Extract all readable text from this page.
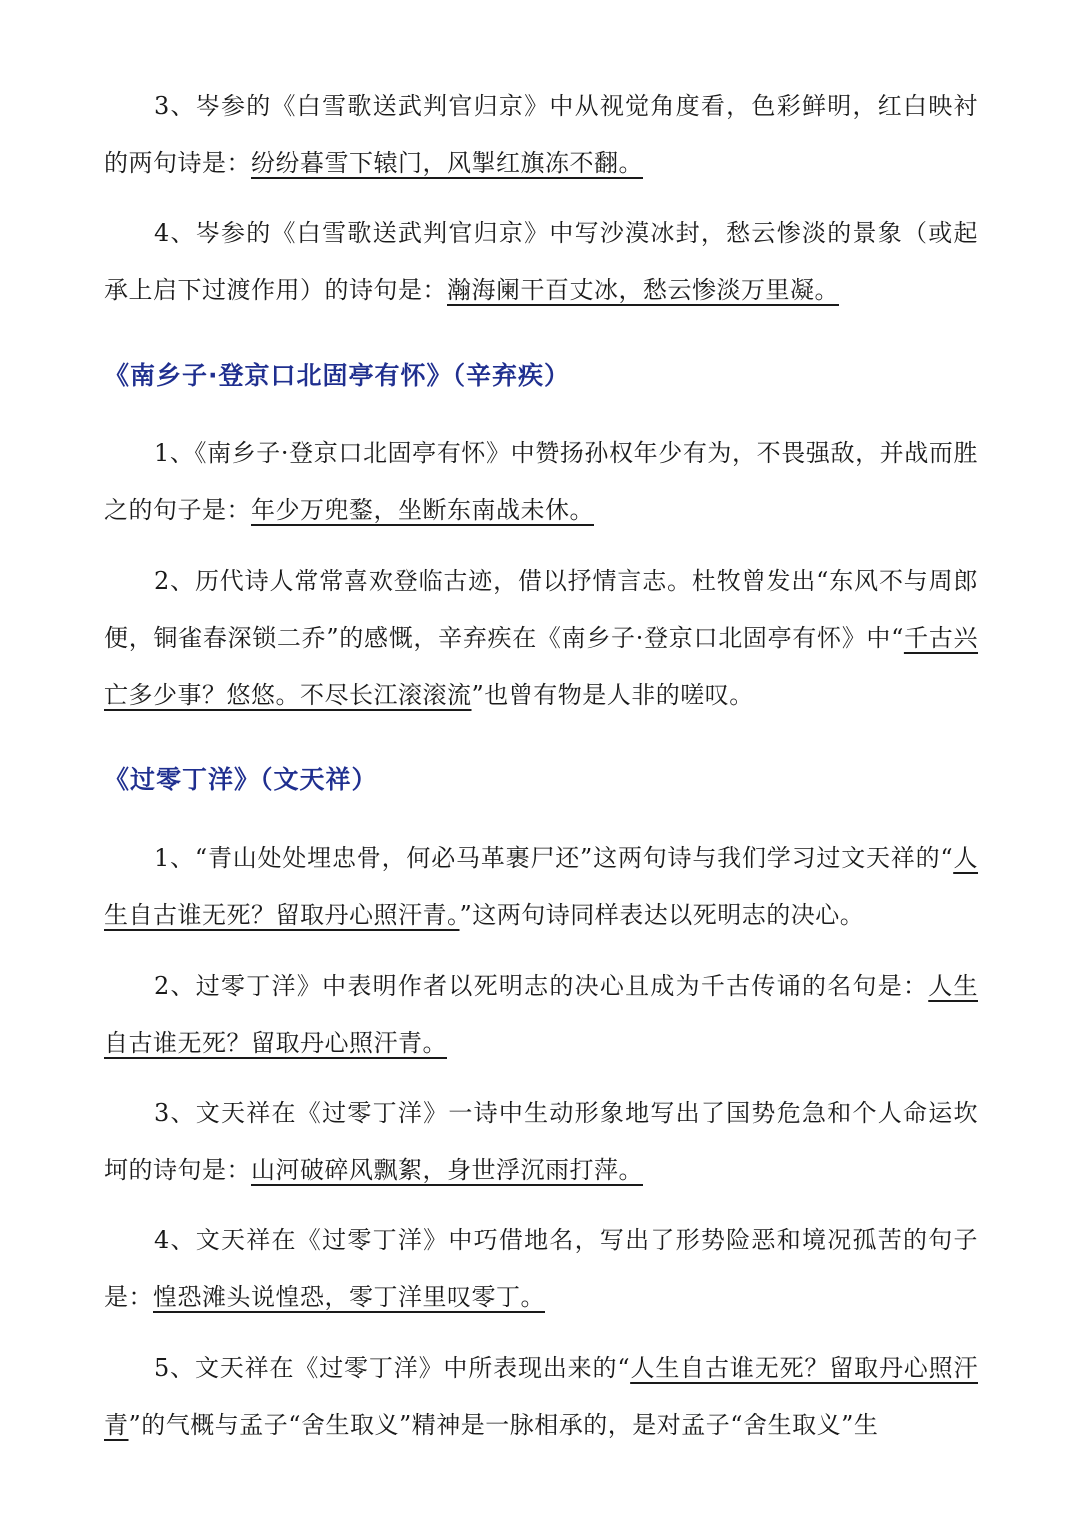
3、岑参的《白雪歌送武判官归京》中从视觉角度看，色彩鲜明，红白映衬的两句诗是：纷纷暮雪下辕门，风掣红旗冻不翻。
4、岑参的《白雪歌送武判官归京》中写沙漠冰封，愁云惨淡的景象（或起承上启下过渡作用）的诗句是：瀚海阑干百丈冰，愁云惨淡万里凝。
《南乡子·登京口北固亭有怀》（辛弃疾）
1、《南乡子·登京口北固亭有怀》中赞扬孙权年少有为，不畏强敌，并战而胜之的句子是：年少万兜鍪，坐断东南战未休。
2、历代诗人常常喜欢登临古迹，借以抒情言志。杜牧曾发出“东风不与周郎便，铜雀春深锁二乔”的感慨，辛弃疾在《南乡子·登京口北固亭有怀》中“千古兴亡多少事？悠悠。不尽长江滚滚流”也曾有物是人非的嗟叹。
《过零丁洋》（文天祥）
1、“青山处处埋忠骨，何必马革裹尸还”这两句诗与我们学习过文天祥的“人生自古谁无死？留取丹心照汗青。”这两句诗同样表达以死明志的决心。
2、过零丁洋》中表明作者以死明志的决心且成为千古传诵的名句是：人生自古谁无死？留取丹心照汗青。
3、文天祥在《过零丁洋》一诗中生动形象地写出了国势危急和个人命运坎坷的诗句是：山河破碎风飘絮，身世浮沉雨打萍。
4、文天祥在《过零丁洋》中巧借地名，写出了形势险恶和境况孤苦的句子是：惶恐滩头说惶恐，零丁洋里叹零丁。
5、文天祥在《过零丁洋》中所表现出来的“人生自古谁无死？留取丹心照汗青”的气概与孟子“舍生取义”精神是一脉相承的，是对孟子“舍生取义”生
